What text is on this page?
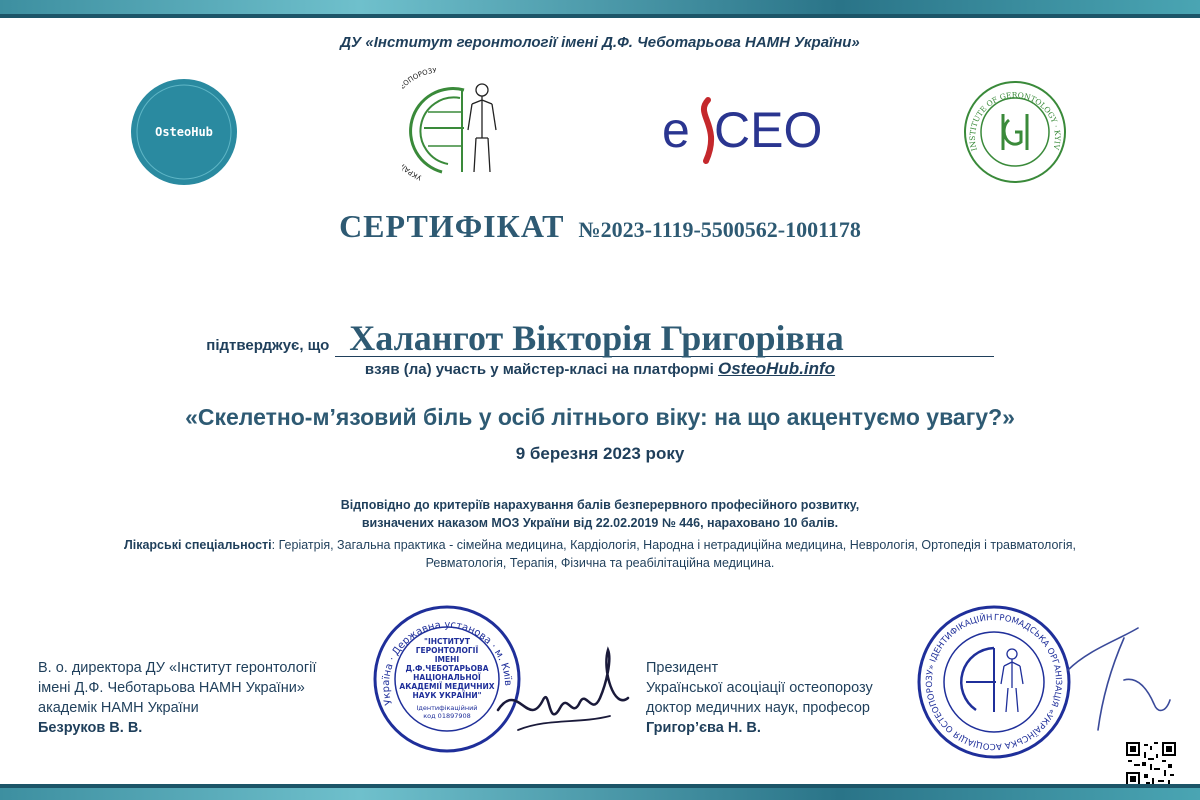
ДУ «Інститут геронтології імені Д.Ф. Чеботарьова НАМН України»
OsteoHub
УКРА ОПОРОЗУ
e CEO	INSTITUTE OF GERONTOLOGY · KYIV
СЕРТИФІКАТ №2023-1119-5500562-1001178
підтверджує, що Халангот Вікторія Григорівна
взяв (ла) участь у майстер-класі на платформі OsteoHub.info
«Скелетно-м’язовий біль у осіб літнього віку: на що акцентуємо увагу?»
9 березня 2023 року
Відповідно до критеріїв нарахування балів безперервного професійного розвитку,
визначених наказом МОЗ України від 22.02.2019 № 446, нараховано 10 балів.
Лікарські спеціальності: Геріатрія, Загальна практика - сімейна медицина, Кардіологія, Народна і нетрадиційна медицина, Неврологія, Ортопедія і травматологія,
Ревматологія, Терапія, Фізична та реабілітаційна медицина.
В. о. директора ДУ «Інститут геронтології
імені Д.Ф. Чеботарьова НАМН України»
академік НАМН України
Безруков В. В.
Україна · Державна установа · м. Київ
"ІНСТИТУТ
ГЕРОНТОЛОГІЇ
ІМЕНІ
Д.Ф.ЧЕБОТАРЬОВА
НАЦІОНАЛЬНОЇ
АКАДЕМІЇ МЕДИЧНИХ
НАУК УКРАЇНИ"
Ідентифікаційний
код 01897908
Президент
Української асоціації остеопорозу
доктор медичних наук, професор
Григор’єва Н. В.
ГРОМАДСЬКА ОРГАНІЗАЦІЯ «УКРАЇНСЬКА АСОЦІАЦІЯ ОСТЕОПОРОЗУ» ІДЕНТИФІКАЦІЙН
